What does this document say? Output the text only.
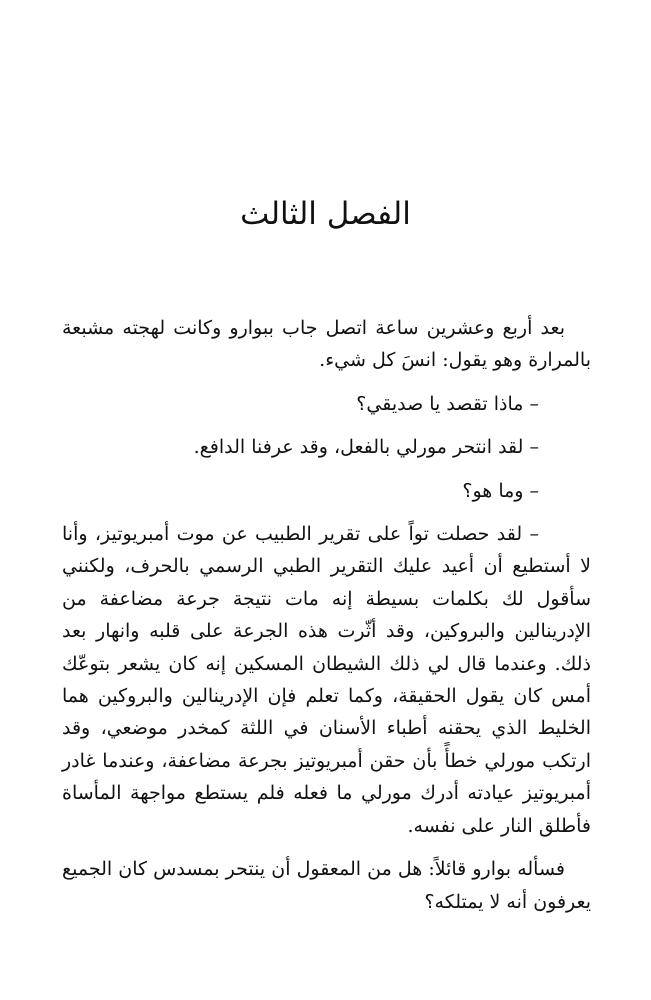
الفصل الثالث

بعد أربع وعشرين ساعة اتصل جاب ببوارو وكانت لهجته مشبعة بالمرارة وهو يقول: انسَ كل شيء.

– ماذا تقصد يا صديقي؟

– لقد انتحر مورلي بالفعل، وقد عرفنا الدافع.

– وما هو؟

– لقد حصلت تواً على تقرير الطبيب عن موت أمبريوتيز، وأنا لا أستطيع أن أعيد عليك التقرير الطبي الرسمي بالحرف، ولكنني سأقول لك بكلمات بسيطة إنه مات نتيجة جرعة مضاعفة من الإدرينالين والبروكين، وقد أثّرت هذه الجرعة على قلبه وانهار بعد ذلك. وعندما قال لي ذلك الشيطان المسكين إنه كان يشعر بتوعّك أمس كان يقول الحقيقة، وكما تعلم فإن الإدرينالين والبروكين هما الخليط الذي يحقنه أطباء الأسنان في اللثة كمخدر موضعي، وقد ارتكب مورلي خطأً بأن حقن أمبريوتيز بجرعة مضاعفة، وعندما غادر أمبريوتيز عيادته أدرك مورلي ما فعله فلم يستطع مواجهة المأساة فأطلق النار على نفسه.

فسأله بوارو قائلاً: هل من المعقول أن ينتحر بمسدس كان الجميع يعرفون أنه لا يمتلكه؟
